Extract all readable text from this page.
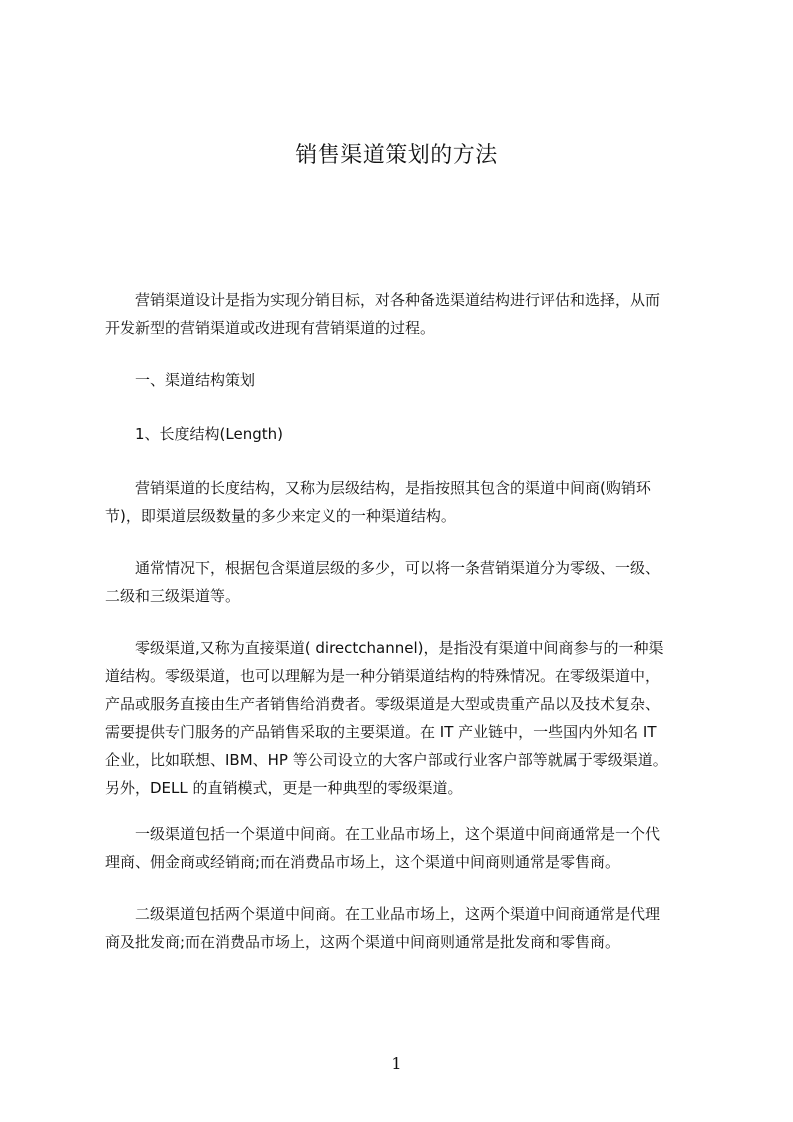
销售渠道策划的方法
营销渠道设计是指为实现分销目标，对各种备选渠道结构进行评估和选择，从而
开发新型的营销渠道或改进现有营销渠道的过程。
一、渠道结构策划
1、长度结构(Length)
营销渠道的长度结构，又称为层级结构，是指按照其包含的渠道中间商(购销环
节)，即渠道层级数量的多少来定义的一种渠道结构。
通常情况下，根据包含渠道层级的多少，可以将一条营销渠道分为零级、一级、
二级和三级渠道等。
零级渠道,又称为直接渠道( directchannel)，是指没有渠道中间商参与的一种渠
道结构。零级渠道，也可以理解为是一种分销渠道结构的特殊情况。在零级渠道中，
产品或服务直接由生产者销售给消费者。零级渠道是大型或贵重产品以及技术复杂、
需要提供专门服务的产品销售采取的主要渠道。在 IT 产业链中，一些国内外知名 IT
企业，比如联想、IBM、HP 等公司设立的大客户部或行业客户部等就属于零级渠道。
另外，DELL 的直销模式，更是一种典型的零级渠道。
一级渠道包括一个渠道中间商。在工业品市场上，这个渠道中间商通常是一个代
理商、佣金商或经销商;而在消费品市场上，这个渠道中间商则通常是零售商。
二级渠道包括两个渠道中间商。在工业品市场上，这两个渠道中间商通常是代理
商及批发商;而在消费品市场上，这两个渠道中间商则通常是批发商和零售商。
1
